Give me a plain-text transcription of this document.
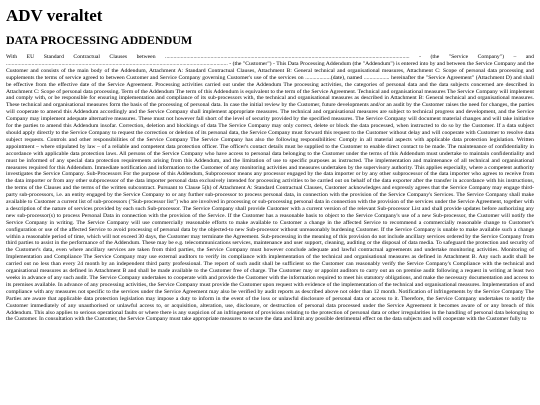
ADV veraltet
DATA PROCESSING ADDENDUM

With EU Standard Contractual Clauses between ............................................................................................................................................................................ - (the "Service Company") – and ............................................................................................................................................................ - (the "Customer") - This Data Processing Addendum (the "Addendum") is entered into by and between the Service Company and the Customer and consists of the main body of the Addendum, Attachment A: Standard Contractual Clauses, Attachment B: General technical and organisational measures, Attachment C: Scope of personal data processing and supplements the terms of service agreed to between Customer and Service Company governing Customer's use of the services on ..................(date), named .................. hereinafter the "Service Agreement" (Attachment D) and shall be effective from the effective date of the Service Agreement. Processing activities carried out under the Addendum The processing activities, the categories of personal data and the data subjects concerned are described in Attachment C: Scope of personal data processing. Term of the Addendum The term of this Addendum is equivalent to the term of the Service Agreement. Technical and organisational measures The Service Company will implement and comply with, or be responsible for ensuring implementation and compliance of its sub-processors with, the technical and organisational measures as described in Attachment B: General technical and organisational measures. These technical and organisational measures form the basis of the processing of personal data. In case the initial review by the Customer, future developments and/or an audit by the Customer raises the need for changes, the parties will cooperate to amend this Addendum accordingly and the Service Company shall implement appropriate measures. The technical and organisational measures are subject to technical progress and development, and the Service Company may implement adequate alternative measures. These must not however fall short of the level of security provided by the specified measures. The Service Company will document material changes and will take initiative for the parties to amend this Addendum insofar. Correction, deletion and blockings of data The Service Company may only correct, delete or block the data processed, when instructed to do so by the Customer. If a data subject should apply directly to the Service Company to request the correction or deletion of its personal data, the Service Company must forward this request to the Customer without delay and will cooperate with Customer to resolve data subject requests. Controls and other responsibilities of the Service Company The Service Company has also the following responsibilities: Comply in all material aspects with applicable data protection legislation. Written appointment – where stipulated by law – of a reliable and competent data protection officer. The officer's contact details must be supplied to the Customer to enable direct contact to be made. The maintenance of confidentiality in accordance with applicable data protection laws. All persons of the Service Company who have access to personal data belonging to the Customer under the terms of this Addendum must undertake to maintain confidentiality and must be informed of any special data protection requirements arising from this Addendum, and the limitation of use to specific purposes as instructed. The implementation and maintenance of all technical and organisational measures required for this Addendum. Immediate notification and information to the Customer of any monitoring activities and measures undertaken by the supervisory authority. This applies especially, where a competent authority investigates the Service Company. Sub-Processors For the purpose of this Addendum, Subprocessor means any processor engaged by the data importer or by any other subprocessor of the data importer who agrees to receive from the data importer or from any other subprocessor of the data importer personal data exclusively intended for processing activities to be carried out on behalf of the data exporter after the transfer in accordance with his instructions, the terms of the Clauses and the terms of the written subcontract. Pursuant to Clause 5(h) of Attachment A: Standard Contractual Clauses, Customer acknowledges and expressly agrees that the Service Company may engage third-party sub-processors, i.e. an entity engaged by the Service Company to or any further sub-processor to process personal data, in connection with the provision of the Service Company's Services. The Service Company shall make available to Customer a current list of sub-processors ("Sub-processor list") who are involved in processing or sub-processing personal data in connection with the provision of the services under the Service Agreement, together with a description of the nature of services provided by each such Sub-processor. The Service Company shall provide Customer with a current version of the relevant Sub-processor List and shall provide updates before authorizing any new sub-processor(s) to process Personal Data in connection with the provision of the Service. If the Customer has a reasonable basis to object to the Service Company's use of a new Sub-processor, the Customer will notify the Service Company in writing. The Service Company will use commercially reasonable efforts to make available to Customer a change in the affected Service to recommend a commercially reasonable change to Customer's configuration or use of the affected Service to avoid processing of personal data by the objected-to new Sub-processor without unreasonably burdening Customer. If the Service Company is unable to make available such a change within a reasonable period of time, which will not exceed 30 days, the Customer may terminate the Agreement. Sub-processing in the meaning of this provision do not include ancillary services ordered by the Service Company from third parties to assist in the performance of the Addendum. These may be e.g. telecommunications services, maintenance and user support, cleaning, auditing or the disposal of data media. To safeguard the protection and security of the Customer's data, even where ancillary services are taken from third parties, the Service Company must however conclude adequate and lawful contractual agreements and undertake monitoring activities. Monitoring of Implementation and Compliance The Service Company may use external auditors to verify its compliance with implementation of the technical and organisational measures as defined in Attachment B. Any such audit shall be carried out no less than every 24 month by an independent third party professional. The report of such audit shall be sufficient so the Customer can reasonably verify the Service Company's Compliance with the technical and organisational measures as defined in Attachment B and shall be made available to the Customer free of charge. The Customer may or appoint auditors to carry out an on premise audit following a request in writing at least two weeks in advance of any such audit. The Service Company undertakes to cooperate with and provide the Customer with the information required to meet his statutory obligations, and make the necessary documentation and access to its premises available. In advance of any processing activities, the Service Company must provide the Customer upon request with evidence of the implementation of the technical and organisational measures. Implementation of and compliance with any measures not specific to the services under the Service Agreement may also be verified by audit reports as described above not older than 12 month. Notification of infringements by the Service Company The Parties are aware that applicable data protection legislation may impose a duty to inform in the event of the loss or unlawful disclosure of personal data or access to it. Therefore, the Service Company undertakes to notify the Customer immediately of any unauthorised or unlawful access to, or acquisition, alteration, use, disclosure, or destruction of personal data processed under the Service Agreement it becomes aware of or any breach of this Addendum. This also applies to serious operational faults or where there is any suspicion of an infringement of provisions relating to the protection of personal data or other irregularities in the handling of personal data belonging to the Customer. In consultation with the Customer, the Service Company must take appropriate measures to secure the data and limit any possible detrimental effect on the data subjects and will cooperate with the Customer fully to
